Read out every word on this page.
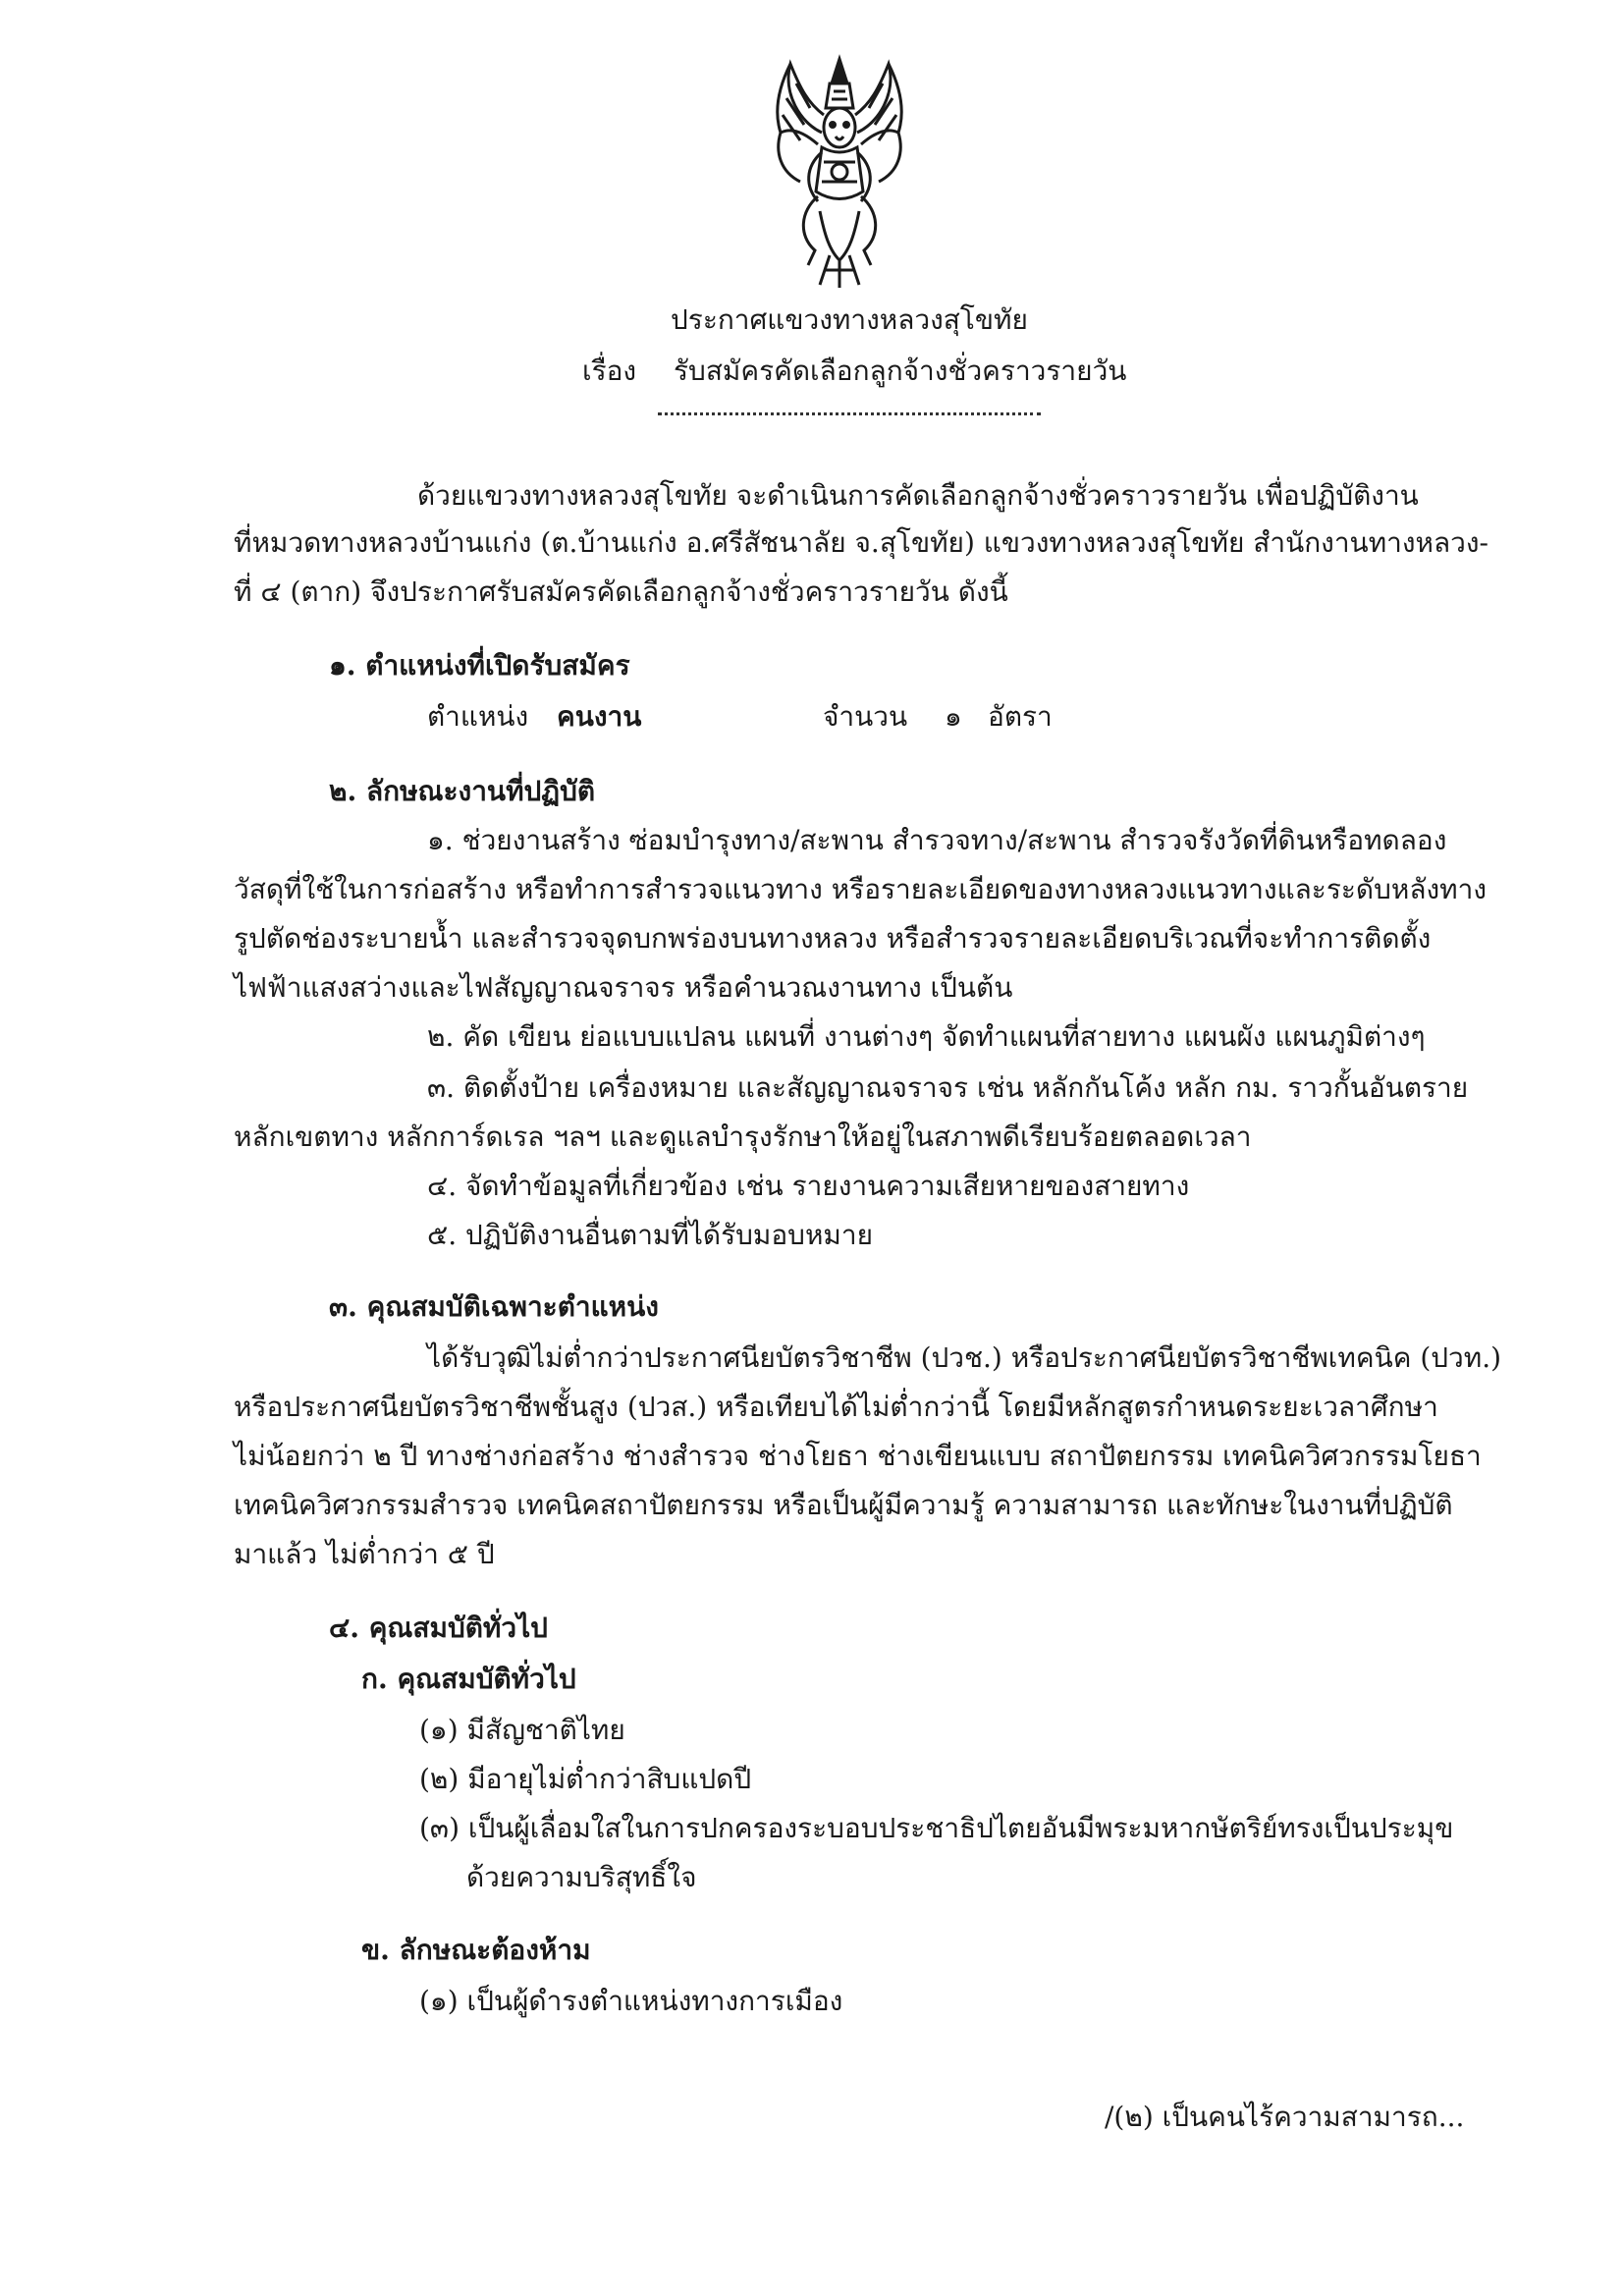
ประกาศแขวงทางหลวงสุโขทัย
เรื่อง รับสมัครคัดเลือกลูกจ้างชั่วคราวรายวัน
ด้วยแขวงทางหลวงสุโขทัย จะดำเนินการคัดเลือกลูกจ้างชั่วคราวรายวัน เพื่อปฏิบัติงาน
ที่หมวดทางหลวงบ้านแก่ง (ต.บ้านแก่ง อ.ศรีสัชนาลัย จ.สุโขทัย) แขวงทางหลวงสุโขทัย สำนักงานทางหลวง-
ที่ ๔ (ตาก) จึงประกาศรับสมัครคัดเลือกลูกจ้างชั่วคราวรายวัน ดังนี้
๑. ตำแหน่งที่เปิดรับสมัคร
ตำแหน่ง คนงาน	จำนวน ๑ อัตรา
๒. ลักษณะงานที่ปฏิบัติ
๑. ช่วยงานสร้าง ซ่อมบำรุงทาง/สะพาน สำรวจทาง/สะพาน สำรวจรังวัดที่ดินหรือทดลอง
วัสดุที่ใช้ในการก่อสร้าง หรือทำการสำรวจแนวทาง หรือรายละเอียดของทางหลวงแนวทางและระดับหลังทาง
รูปตัดช่องระบายน้ำ และสำรวจจุดบกพร่องบนทางหลวง หรือสำรวจรายละเอียดบริเวณที่จะทำการติดตั้ง
ไฟฟ้าแสงสว่างและไฟสัญญาณจราจร หรือคำนวณงานทาง เป็นต้น
๒. คัด เขียน ย่อแบบแปลน แผนที่ งานต่างๆ จัดทำแผนที่สายทาง แผนผัง แผนภูมิต่างๆ
๓. ติดตั้งป้าย เครื่องหมาย และสัญญาณจราจร เช่น หลักกันโค้ง หลัก กม. ราวกั้นอันตราย
หลักเขตทาง หลักการ์ดเรล ฯลฯ และดูแลบำรุงรักษาให้อยู่ในสภาพดีเรียบร้อยตลอดเวลา
๔. จัดทำข้อมูลที่เกี่ยวข้อง เช่น รายงานความเสียหายของสายทาง
๕. ปฏิบัติงานอื่นตามที่ได้รับมอบหมาย
๓. คุณสมบัติเฉพาะตำแหน่ง
ได้รับวุฒิไม่ต่ำกว่าประกาศนียบัตรวิชาชีพ (ปวช.) หรือประกาศนียบัตรวิชาชีพเทคนิค (ปวท.)
หรือประกาศนียบัตรวิชาชีพชั้นสูง (ปวส.) หรือเทียบได้ไม่ต่ำกว่านี้ โดยมีหลักสูตรกำหนดระยะเวลาศึกษา
ไม่น้อยกว่า ๒ ปี ทางช่างก่อสร้าง ช่างสำรวจ ช่างโยธา ช่างเขียนแบบ สถาปัตยกรรม เทคนิควิศวกรรมโยธา
เทคนิควิศวกรรมสำรวจ เทคนิคสถาปัตยกรรม หรือเป็นผู้มีความรู้ ความสามารถ และทักษะในงานที่ปฏิบัติ
มาแล้ว ไม่ต่ำกว่า ๕ ปี
๔. คุณสมบัติทั่วไป
ก. คุณสมบัติทั่วไป
(๑) มีสัญชาติไทย
(๒) มีอายุไม่ต่ำกว่าสิบแปดปี
(๓) เป็นผู้เลื่อมใสในการปกครองระบอบประชาธิปไตยอันมีพระมหากษัตริย์ทรงเป็นประมุข
ด้วยความบริสุทธิ์ใจ
ข. ลักษณะต้องห้าม
(๑) เป็นผู้ดำรงตำแหน่งทางการเมือง
/(๒) เป็นคนไร้ความสามารถ...
